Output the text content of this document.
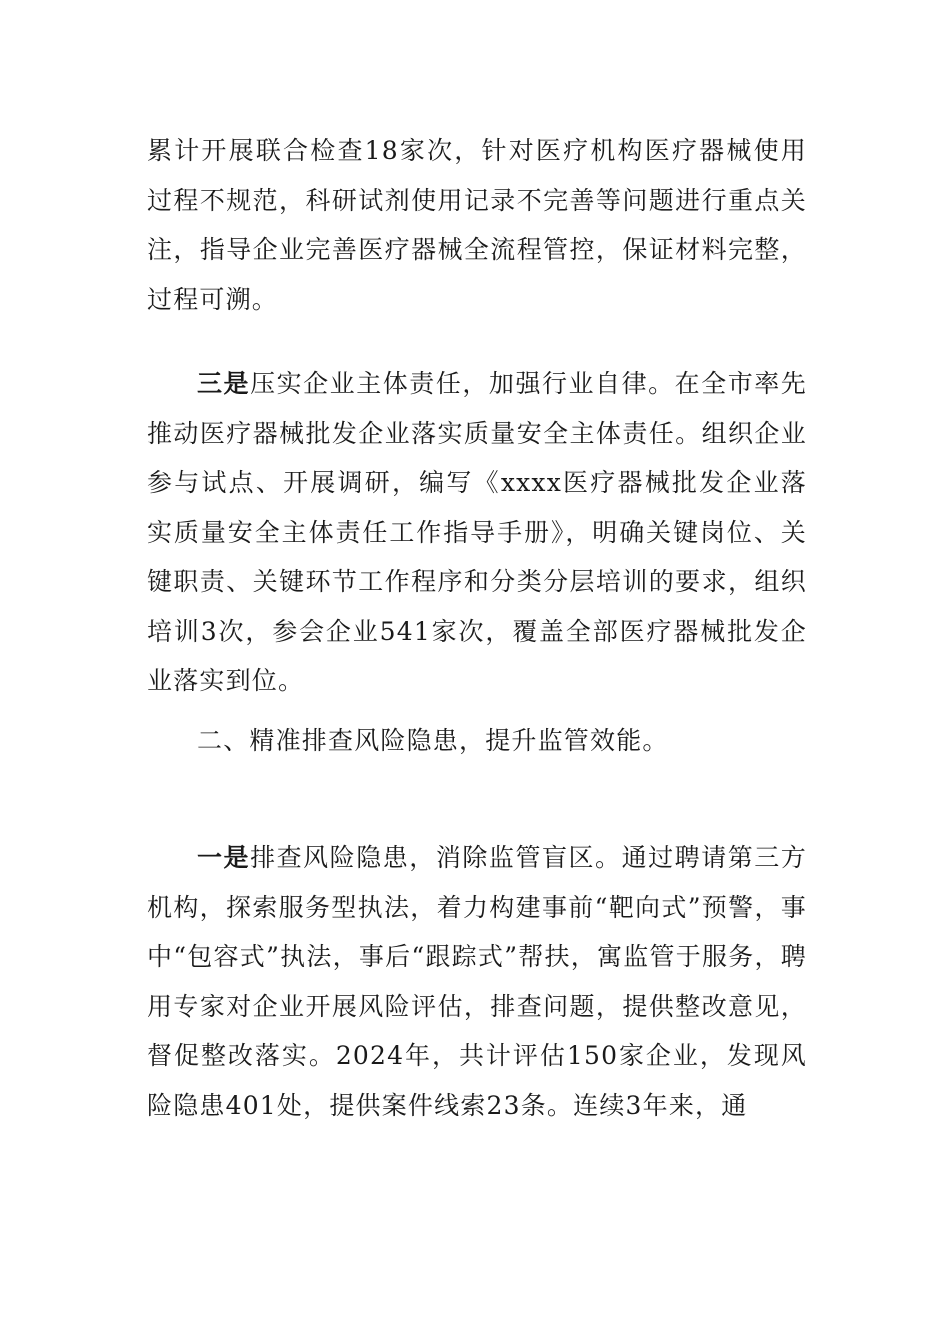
累计开展联合检查18家次，针对医疗机构医疗器械使用过程不规范，科研试剂使用记录不完善等问题进行重点关注，指导企业完善医疗器械全流程管控，保证材料完整，过程可溯。

三是压实企业主体责任，加强行业自律。在全市率先推动医疗器械批发企业落实质量安全主体责任。组织企业参与试点、开展调研，编写《xxxx医疗器械批发企业落实质量安全主体责任工作指导手册》，明确关键岗位、关键职责、关键环节工作程序和分类分层培训的要求，组织培训3次，参会企业541家次，覆盖全部医疗器械批发企业落实到位。

二、精准排查风险隐患，提升监管效能。

一是排查风险隐患，消除监管盲区。通过聘请第三方机构，探索服务型执法，着力构建事前“靶向式”预警，事中“包容式”执法，事后“跟踪式”帮扶，寓监管于服务，聘用专家对企业开展风险评估，排查问题，提供整改意见，督促整改落实。2024年，共计评估150家企业，发现风险隐患401处，提供案件线索23条。连续3年来，通
